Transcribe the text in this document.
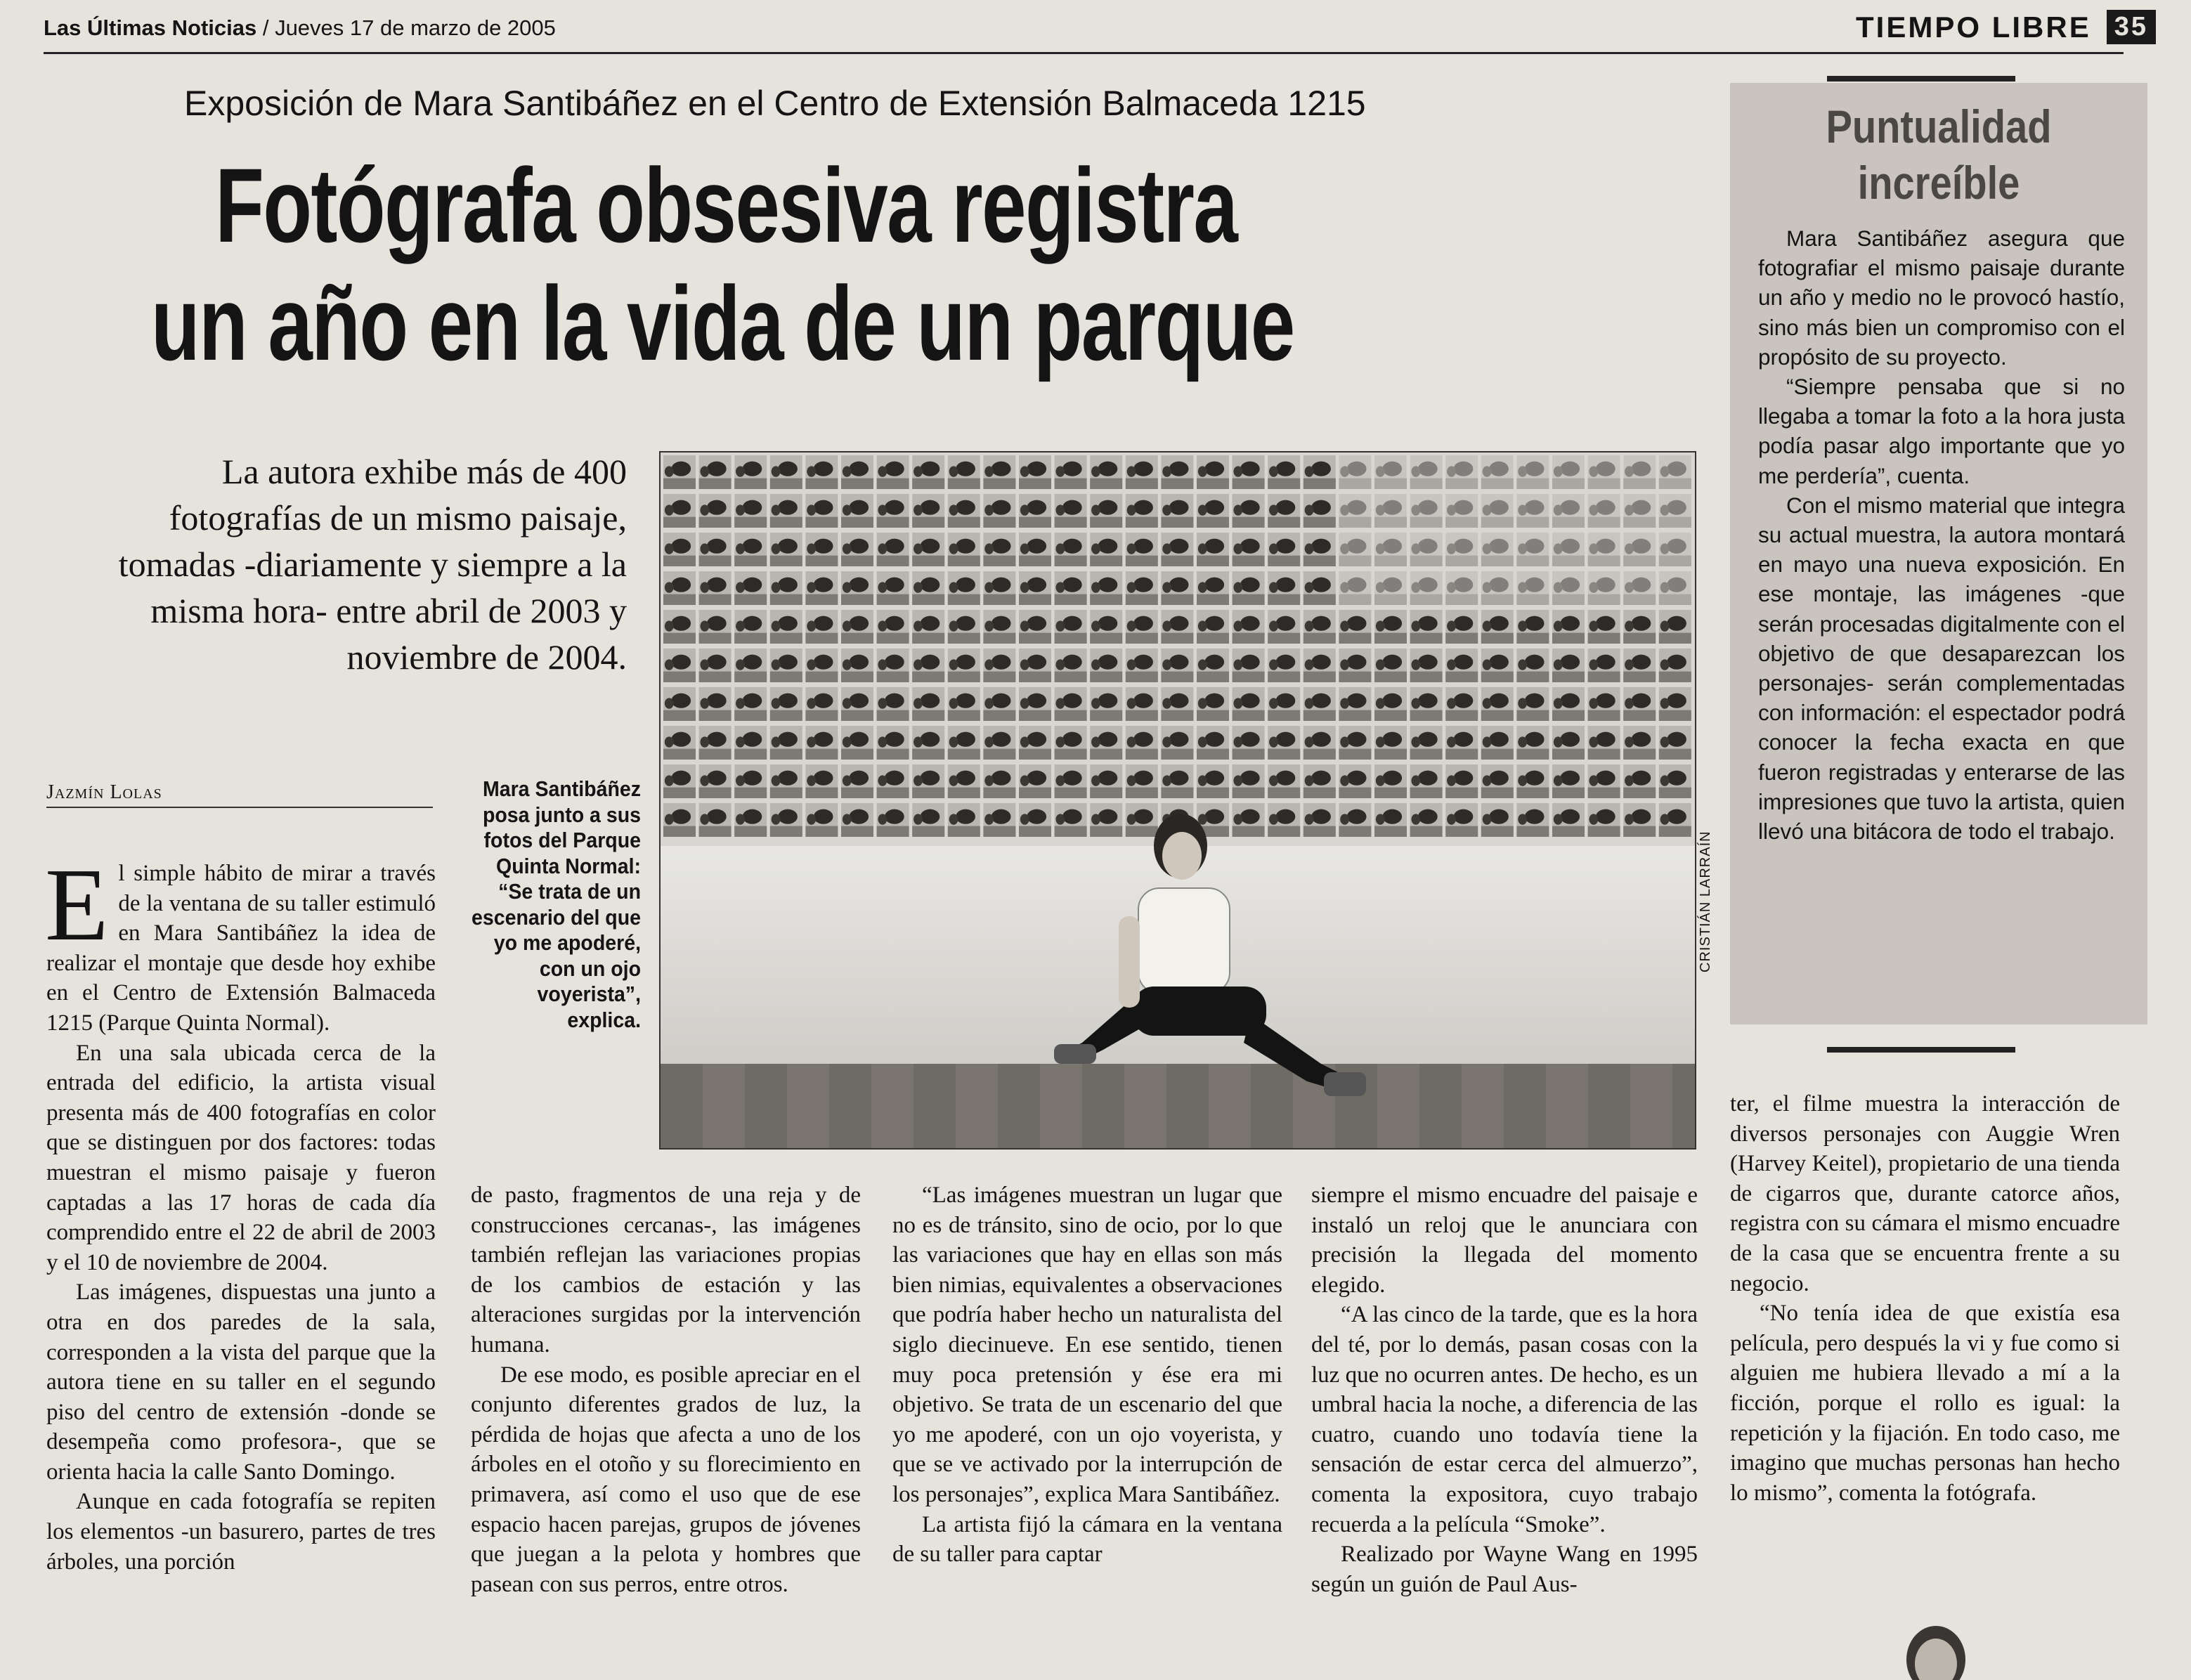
Las Últimas Noticias / Jueves 17 de marzo de 2005	TIEMPO LIBRE 35
Exposición de Mara Santibáñez en el Centro de Extensión Balmaceda 1215
Fotógrafa obsesiva registra
un año en la vida de un parque
La autora exhibe más de 400 fotografías de un mismo paisaje, tomadas -diariamente y siempre a la misma hora- entre abril de 2003 y noviembre de 2004.
Jazmín Lolas

El simple hábito de mirar a través de la ventana de su taller estimuló en Mara Santibáñez la idea de realizar el montaje que desde hoy exhibe en el Centro de Extensión Balmaceda 1215 (Parque Quinta Normal).

En una sala ubicada cerca de la entrada del edificio, la artista visual presenta más de 400 fotografías en color que se distinguen por dos factores: todas muestran el mismo paisaje y fueron captadas a las 17 horas de cada día comprendido entre el 22 de abril de 2003 y el 10 de noviembre de 2004.

Las imágenes, dispuestas una junto a otra en dos paredes de la sala, corresponden a la vista del parque que la autora tiene en su taller en el segundo piso del centro de extensión -donde se desempeña como profesora-, que se orienta hacia la calle Santo Domingo.

Aunque en cada fotografía se repiten los elementos -un basurero, partes de tres árboles, una porción

Mara Santibáñez posa junto a sus fotos del Parque Quinta Normal: “Se trata de un escenario del que yo me apoderé, con un ojo voyerista”, explica.
CRISTIÁN LARRAÍN
Puntualidad
increíble

Mara Santibáñez asegura que fotografiar el mismo paisaje durante un año y medio no le provocó hastío, sino más bien un compromiso con el propósito de su proyecto.

“Siempre pensaba que si no llegaba a tomar la foto a la hora justa podía pasar algo importante que yo me perdería”, cuenta.

Con el mismo material que integra su actual muestra, la autora montará en mayo una nueva exposición. En ese montaje, las imágenes -que serán procesadas digitalmente con el objetivo de que desaparezcan los personajes- serán complementadas con información: el espectador podrá conocer la fecha exacta en que fueron registradas y enterarse de las impresiones que tuvo la artista, quien llevó una bitácora de todo el trabajo.

de pasto, fragmentos de una reja y de construcciones cercanas-, las imágenes también reflejan las variaciones propias de los cambios de estación y las alteraciones surgidas por la intervención humana.

De ese modo, es posible apreciar en el conjunto diferentes grados de luz, la pérdida de hojas que afecta a uno de los árboles en el otoño y su florecimiento en primavera, así como el uso que de ese espacio hacen parejas, grupos de jóvenes que juegan a la pelota y hombres que pasean con sus perros, entre otros.

“Las imágenes muestran un lugar que no es de tránsito, sino de ocio, por lo que las variaciones que hay en ellas son más bien nimias, equivalentes a observaciones que podría haber hecho un naturalista del siglo diecinueve. En ese sentido, tienen muy poca pretensión y ése era mi objetivo. Se trata de un escenario del que yo me apoderé, con un ojo voyerista, y que se ve activado por la interrupción de los personajes”, explica Mara Santibáñez.

La artista fijó la cámara en la ventana de su taller para captar

siempre el mismo encuadre del paisaje e instaló un reloj que le anunciara con precisión la llegada del momento elegido.

“A las cinco de la tarde, que es la hora del té, por lo demás, pasan cosas con la luz que no ocurren antes. De hecho, es un umbral hacia la noche, a diferencia de las cuatro, cuando uno todavía tiene la sensación de estar cerca del almuerzo”, comenta la expositora, cuyo trabajo recuerda a la película “Smoke”.

Realizado por Wayne Wang en 1995 según un guión de Paul Aus-

ter, el filme muestra la interacción de diversos personajes con Auggie Wren (Harvey Keitel), propietario de una tienda de cigarros que, durante catorce años, registra con su cámara el mismo encuadre de la casa que se encuentra frente a su negocio.

“No tenía idea de que existía esa película, pero después la vi y fue como si alguien me hubiera llevado a mí a la ficción, porque el rollo es igual: la repetición y la fijación. En todo caso, me imagino que muchas personas han hecho lo mismo”, comenta la fotógrafa.
